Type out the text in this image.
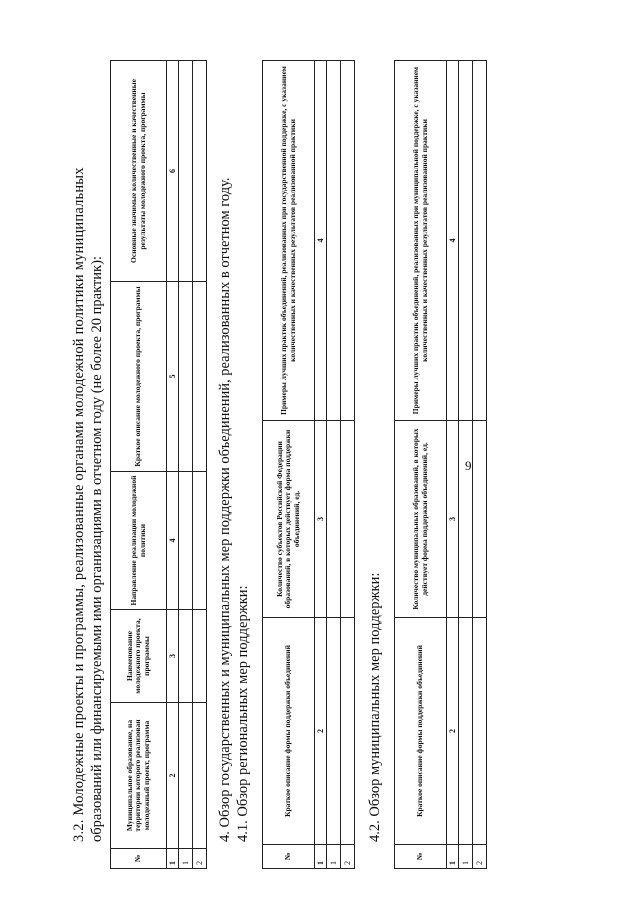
9
3.2. Молодежные проекты и программы, реализованные органами молодежной политики муниципальных образований или финансируемыми ими организациями в отчетном году (не более 20 практик):
№	Муниципальное образование, на территории которого реализован молодежный проект, программа	Наименование молодежного проекта, программы	Направление реализации молодежной политики	Краткое описание молодежного проекта, программы	Основные значимые количественные и качественные результаты молодежного проекта, программы
1	2	3	4	5	6
1					
2					
4. Обзор государственных и муниципальных мер поддержки объединений, реализованных в отчетном году. 4.1. Обзор региональных мер поддержки:
№	Краткое описание формы поддержки объединений	Количество субъектов Российской Федерации образований, в которых действует форма поддержки объединений, ед.	Примеры лучших практик объединений, реализованных при государственной поддержке, с указанием количественных и качественных результатов реализованной практики
1	2	3	4
1			
2			
4.2. Обзор муниципальных мер поддержки:
№	Краткое описание формы поддержки объединений	Количество муниципальных образований, в которых действует форма поддержки объединений, ед.	Примеры лучших практик объединений, реализованных при муниципальной поддержке, с указанием количественных и качественных результатов реализованной практики
1	2	3	4
1			
2			
